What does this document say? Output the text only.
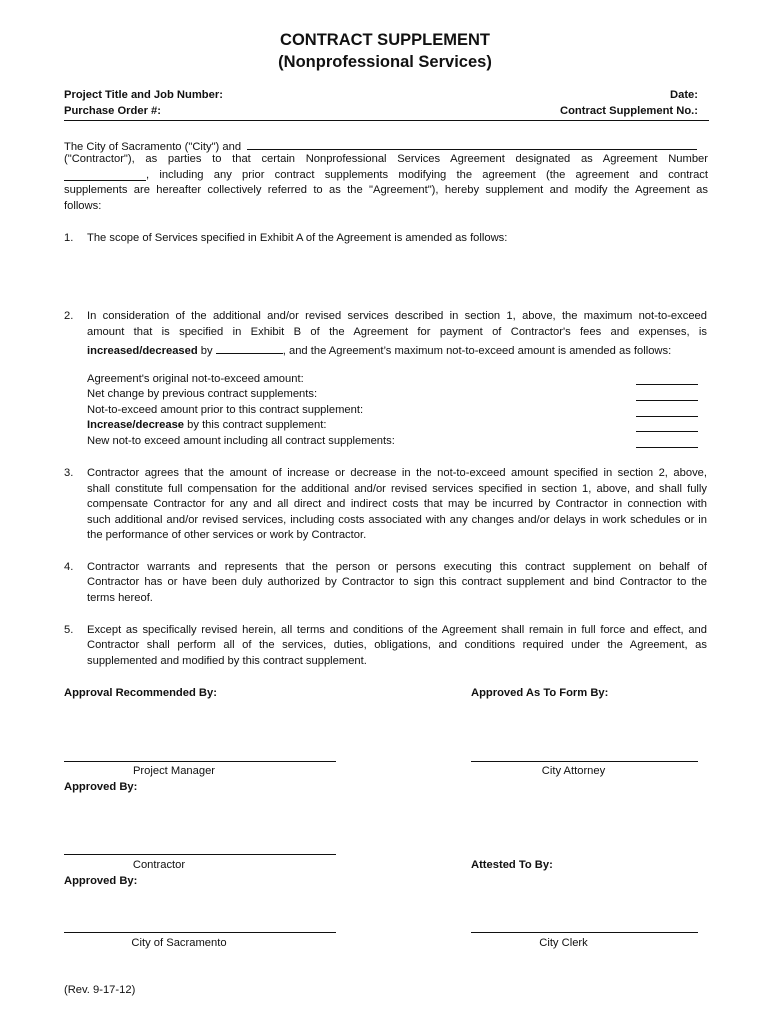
CONTRACT SUPPLEMENT
(Nonprofessional Services)
Project Title and Job Number:	Date:
Purchase Order #:	Contract Supplement No.:
The City of Sacramento ("City") and
("Contractor"), as parties to that certain Nonprofessional Services Agreement designated as Agreement Number
, including any prior contract supplements modifying the agreement (the agreement and contract
supplements are hereafter collectively referred to as the "Agreement"), hereby supplement and modify the Agreement as
follows:
1. The scope of Services specified in Exhibit A of the Agreement is amended as follows:
2. In consideration of the additional and/or revised services described in section 1, above, the maximum not-to-exceed
amount that is specified in Exhibit B of the Agreement for payment of Contractor's fees and expenses, is
increased/decreased by	, and the Agreement’s maximum not-to-exceed amount is amended as follows:
Agreement's original not-to-exceed amount:
Net change by previous contract supplements:
Not-to-exceed amount prior to this contract supplement:
Increase/decrease by this contract supplement:
New not-to exceed amount including all contract supplements:
3. Contractor agrees that the amount of increase or decrease in the not-to-exceed amount specified in section 2, above,
shall constitute full compensation for the additional and/or revised services specified in section 1, above, and shall fully
compensate Contractor for any and all direct and indirect costs that may be incurred by Contractor in connection with
such additional and/or revised services, including costs associated with any changes and/or delays in work schedules or in
the performance of other services or work by Contractor.
4. Contractor warrants and represents that the person or persons executing this contract supplement on behalf of
Contractor has or have been duly authorized by Contractor to sign this contract supplement and bind Contractor to the
terms hereof.
5. Except as specifically revised herein, all terms and conditions of the Agreement shall remain in full force and effect, and
Contractor shall perform all of the services, duties, obligations, and conditions required under the Agreement, as
supplemented and modified by this contract supplement.
Approval Recommended By:	Approved As To Form By:
Project Manager	City Attorney
Approved By:
Contractor	Attested To By:
Approved By:
City of Sacramento	City Clerk
(Rev. 9-17-12)
